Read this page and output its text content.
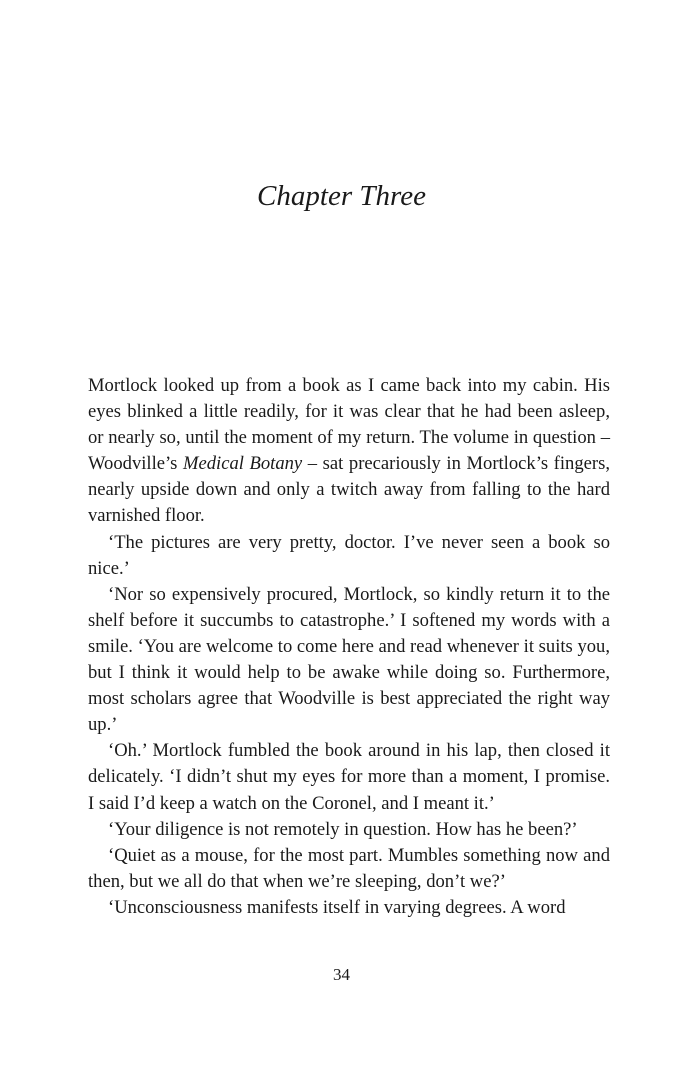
Chapter Three

Mortlock looked up from a book as I came back into my cabin. His eyes blinked a little readily, for it was clear that he had been asleep, or nearly so, until the moment of my return. The volume in question – Woodville’s Medical Botany – sat precariously in Mortlock’s fingers, nearly upside down and only a twitch away from falling to the hard varnished floor.

‘The pictures are very pretty, doctor. I’ve never seen a book so nice.’

‘Nor so expensively procured, Mortlock, so kindly return it to the shelf before it succumbs to catastrophe.’ I softened my words with a smile. ‘You are welcome to come here and read whenever it suits you, but I think it would help to be awake while doing so. Furthermore, most scholars agree that Woodville is best appreciated the right way up.’

‘Oh.’ Mortlock fumbled the book around in his lap, then closed it delicately. ‘I didn’t shut my eyes for more than a moment, I promise. I said I’d keep a watch on the Coronel, and I meant it.’

‘Your diligence is not remotely in question. How has he been?’

‘Quiet as a mouse, for the most part. Mumbles something now and then, but we all do that when we’re sleeping, don’t we?’

‘Unconsciousness manifests itself in varying degrees. A word

34
